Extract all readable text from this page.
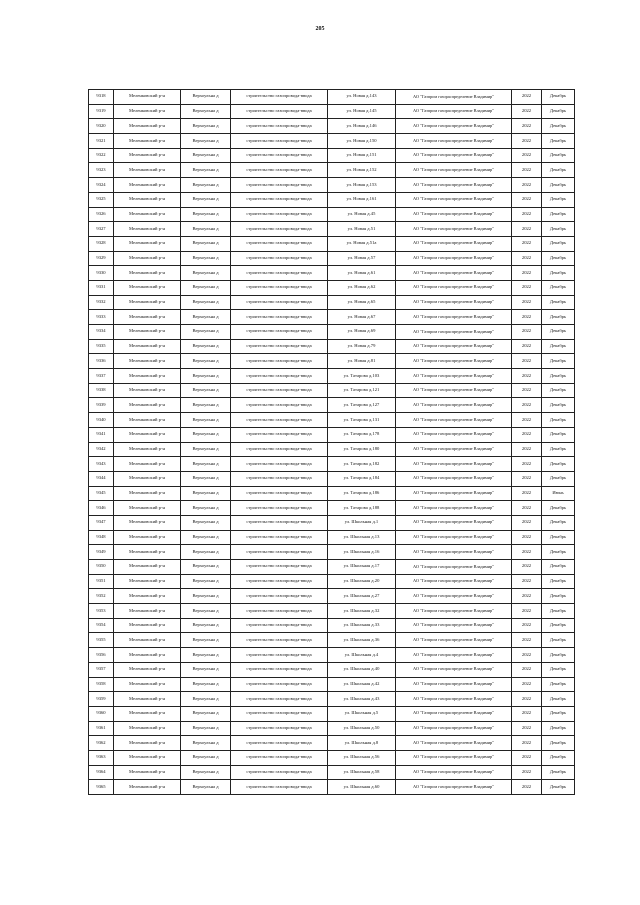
205
9318	Меленковский р-н	Верхоульна д	строительство газопровода-ввода	ул. Новая д.143	АО "Газпром газораспределение Владимир"	2022	Декабрь
9319	Меленковский р-н	Верхоульна д	строительство газопровода-ввода	ул. Новая д.145	АО "Газпром газораспределение Владимир"	2022	Декабрь
9320	Меленковский р-н	Верхоульна д	строительство газопровода-ввода	ул. Новая д.146	АО "Газпром газораспределение Владимир"	2022	Декабрь
9321	Меленковский р-н	Верхоульна д	строительство газопровода-ввода	ул. Новая д.150	АО "Газпром газораспределение Владимир"	2022	Декабрь
9322	Меленковский р-н	Верхоульна д	строительство газопровода-ввода	ул. Новая д.151	АО "Газпром газораспределение Владимир"	2022	Декабрь
9323	Меленковский р-н	Верхоульна д	строительство газопровода-ввода	ул. Новая д.152	АО "Газпром газораспределение Владимир"	2022	Декабрь
9324	Меленковский р-н	Верхоульна д	строительство газопровода-ввода	ул. Новая д.153	АО "Газпром газораспределение Владимир"	2022	Декабрь
9325	Меленковский р-н	Верхоульна д	строительство газопровода-ввода	ул. Новая д.161	АО "Газпром газораспределение Владимир"	2022	Декабрь
9326	Меленковский р-н	Верхоульна д	строительство газопровода-ввода	ул. Новая д.45	АО "Газпром газораспределение Владимир"	2022	Декабрь
9327	Меленковский р-н	Верхоульна д	строительство газопровода-ввода	ул. Новая д.51	АО "Газпром газораспределение Владимир"	2022	Декабрь
9328	Меленковский р-н	Верхоульна д	строительство газопровода-ввода	ул. Новая д.51а	АО "Газпром газораспределение Владимир"	2022	Декабрь
9329	Меленковский р-н	Верхоульна д	строительство газопровода-ввода	ул. Новая д.57	АО "Газпром газораспределение Владимир"	2022	Декабрь
9330	Меленковский р-н	Верхоульна д	строительство газопровода-ввода	ул. Новая д.61	АО "Газпром газораспределение Владимир"	2022	Декабрь
9331	Меленковский р-н	Верхоульна д	строительство газопровода-ввода	ул. Новая д.62	АО "Газпром газораспределение Владимир"	2022	Декабрь
9332	Меленковский р-н	Верхоульна д	строительство газопровода-ввода	ул. Новая д.65	АО "Газпром газораспределение Владимир"	2022	Декабрь
9333	Меленковский р-н	Верхоульна д	строительство газопровода-ввода	ул. Новая д.67	АО "Газпром газораспределение Владимир"	2022	Декабрь
9334	Меленковский р-н	Верхоульна д	строительство газопровода-ввода	ул. Новая д.69	АО "Газпром газораспределение Владимир"	2022	Декабрь
9335	Меленковский р-н	Верхоульна д	строительство газопровода-ввода	ул. Новая д.79	АО "Газпром газораспределение Владимир"	2022	Декабрь
9336	Меленковский р-н	Верхоульна д	строительство газопровода-ввода	ул. Новая д.81	АО "Газпром газораспределение Владимир"	2022	Декабрь
9337	Меленковский р-н	Верхоульна д	строительство газопровода-ввода	ул. Татарова д.103	АО "Газпром газораспределение Владимир"	2022	Декабрь
9338	Меленковский р-н	Верхоульна д	строительство газопровода-ввода	ул. Татарова д.121	АО "Газпром газораспределение Владимир"	2022	Декабрь
9339	Меленковский р-н	Верхоульна д	строительство газопровода-ввода	ул. Татарова д.127	АО "Газпром газораспределение Владимир"	2022	Декабрь
9340	Меленковский р-н	Верхоульна д	строительство газопровода-ввода	ул. Татарова д.131	АО "Газпром газораспределение Владимир"	2022	Декабрь
9341	Меленковский р-н	Верхоульна д	строительство газопровода-ввода	ул. Татарова д.178	АО "Газпром газораспределение Владимир"	2022	Декабрь
9342	Меленковский р-н	Верхоульна д	строительство газопровода-ввода	ул. Татарова д.180	АО "Газпром газораспределение Владимир"	2022	Декабрь
9343	Меленковский р-н	Верхоульна д	строительство газопровода-ввода	ул. Татарова д.182	АО "Газпром газораспределение Владимир"	2022	Декабрь
9344	Меленковский р-н	Верхоульна д	строительство газопровода-ввода	ул. Татарова д.184	АО "Газпром газораспределение Владимир"	2022	Декабрь
9345	Меленковский р-н	Верхоульна д	строительство газопровода-ввода	ул. Татарова д.186	АО "Газпром газораспределение Владимир"	2022	Июнь
9346	Меленковский р-н	Верхоульна д	строительство газопровода-ввода	ул. Татарова д.188	АО "Газпром газораспределение Владимир"	2022	Декабрь
9347	Меленковский р-н	Верхоульна д	строительство газопровода-ввода	ул. Школьная д.1	АО "Газпром газораспределение Владимир"	2022	Декабрь
9348	Меленковский р-н	Верхоульна д	строительство газопровода-ввода	ул. Школьная д.13	АО "Газпром газораспределение Владимир"	2022	Декабрь
9349	Меленковский р-н	Верхоульна д	строительство газопровода-ввода	ул. Школьная д.16	АО "Газпром газораспределение Владимир"	2022	Декабрь
9350	Меленковский р-н	Верхоульна д	строительство газопровода-ввода	ул. Школьная д.17	АО "Газпром газораспределение Владимир"	2022	Декабрь
9351	Меленковский р-н	Верхоульна д	строительство газопровода-ввода	ул. Школьная д.20	АО "Газпром газораспределение Владимир"	2022	Декабрь
9352	Меленковский р-н	Верхоульна д	строительство газопровода-ввода	ул. Школьная д.27	АО "Газпром газораспределение Владимир"	2022	Декабрь
9353	Меленковский р-н	Верхоульна д	строительство газопровода-ввода	ул. Школьная д.32	АО "Газпром газораспределение Владимир"	2022	Декабрь
9354	Меленковский р-н	Верхоульна д	строительство газопровода-ввода	ул. Школьная д.33	АО "Газпром газораспределение Владимир"	2022	Декабрь
9355	Меленковский р-н	Верхоульна д	строительство газопровода-ввода	ул. Школьная д.36	АО "Газпром газораспределение Владимир"	2022	Декабрь
9356	Меленковский р-н	Верхоульна д	строительство газопровода-ввода	ул. Школьная д.4	АО "Газпром газораспределение Владимир"	2022	Декабрь
9357	Меленковский р-н	Верхоульна д	строительство газопровода-ввода	ул. Школьная д.40	АО "Газпром газораспределение Владимир"	2022	Декабрь
9358	Меленковский р-н	Верхоульна д	строительство газопровода-ввода	ул. Школьная д.42	АО "Газпром газораспределение Владимир"	2022	Декабрь
9359	Меленковский р-н	Верхоульна д	строительство газопровода-ввода	ул. Школьная д.43	АО "Газпром газораспределение Владимир"	2022	Декабрь
9360	Меленковский р-н	Верхоульна д	строительство газопровода-ввода	ул. Школьная д.5	АО "Газпром газораспределение Владимир"	2022	Декабрь
9361	Меленковский р-н	Верхоульна д	строительство газопровода-ввода	ул. Школьная д.50	АО "Газпром газораспределение Владимир"	2022	Декабрь
9362	Меленковский р-н	Верхоульна д	строительство газопровода-ввода	ул. Школьная д.8	АО "Газпром газораспределение Владимир"	2022	Декабрь
9363	Меленковский р-н	Верхоульна д	строительство газопровода-ввода	ул. Школьная д.56	АО "Газпром газораспределение Владимир"	2022	Декабрь
9364	Меленковский р-н	Верхоульна д	строительство газопровода-ввода	ул. Школьная д.58	АО "Газпром газораспределение Владимир"	2022	Декабрь
9365	Меленковский р-н	Верхоульна д	строительство газопровода-ввода	ул. Школьная д.60	АО "Газпром газораспределение Владимир"	2022	Декабрь
